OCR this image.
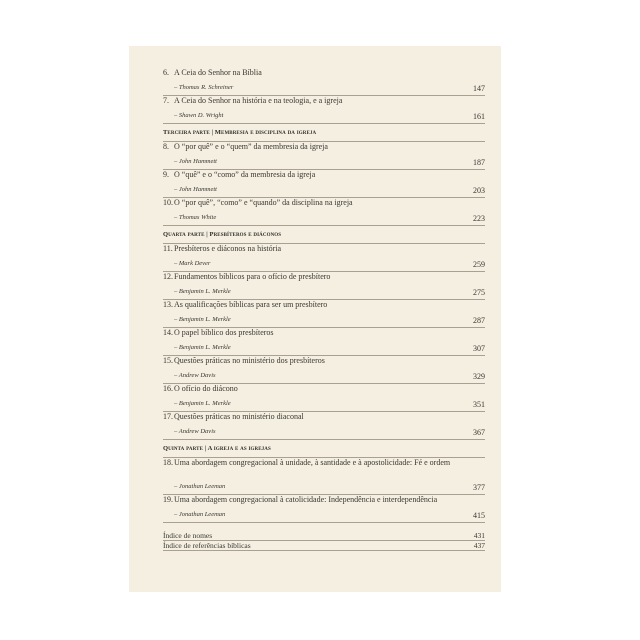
6. A Ceia do Senhor na Bíblia
– Thomas R. Schreiner	147
7. A Ceia do Senhor na história e na teologia, e a igreja
– Shawn D. Wright	161
Terceira parte | Membresia e disciplina da igreja
8. O “por quê” e o “quem” da membresia da igreja
– John Hammett	187
9. O “quê” e o “como” da membresia da igreja
– John Hammett	203
10.O “por quê”, “como” e “quando” da disciplina na igreja
– Thomas White	223
Quarta parte | Presbíteros e diáconos
11.Presbíteros e diáconos na história
– Mark Dever	259
12.Fundamentos bíblicos para o ofício de presbítero
– Benjamin L. Merkle	275
13.As qualificações bíblicas para ser um presbítero
– Benjamin L. Merkle	287
14.O papel bíblico dos presbíteros
– Benjamin L. Merkle	307
15.Questões práticas no ministério dos presbíteros
– Andrew Davis	329
16.O ofício do diácono
– Benjamin L. Merkle	351
17.Questões práticas no ministério diaconal
– Andrew Davis	367
Quinta parte | A igreja e as igrejas
18.Uma abordagem congregacional à unidade, à santidade e à apostolicidade: Fé e ordem
– Jonathan Leeman	377
19.Uma abordagem congregacional à catolicidade: Independência e interdependência
– Jonathan Leeman	415
Índice de nomes	431
Índice de referências bíblicas	437
